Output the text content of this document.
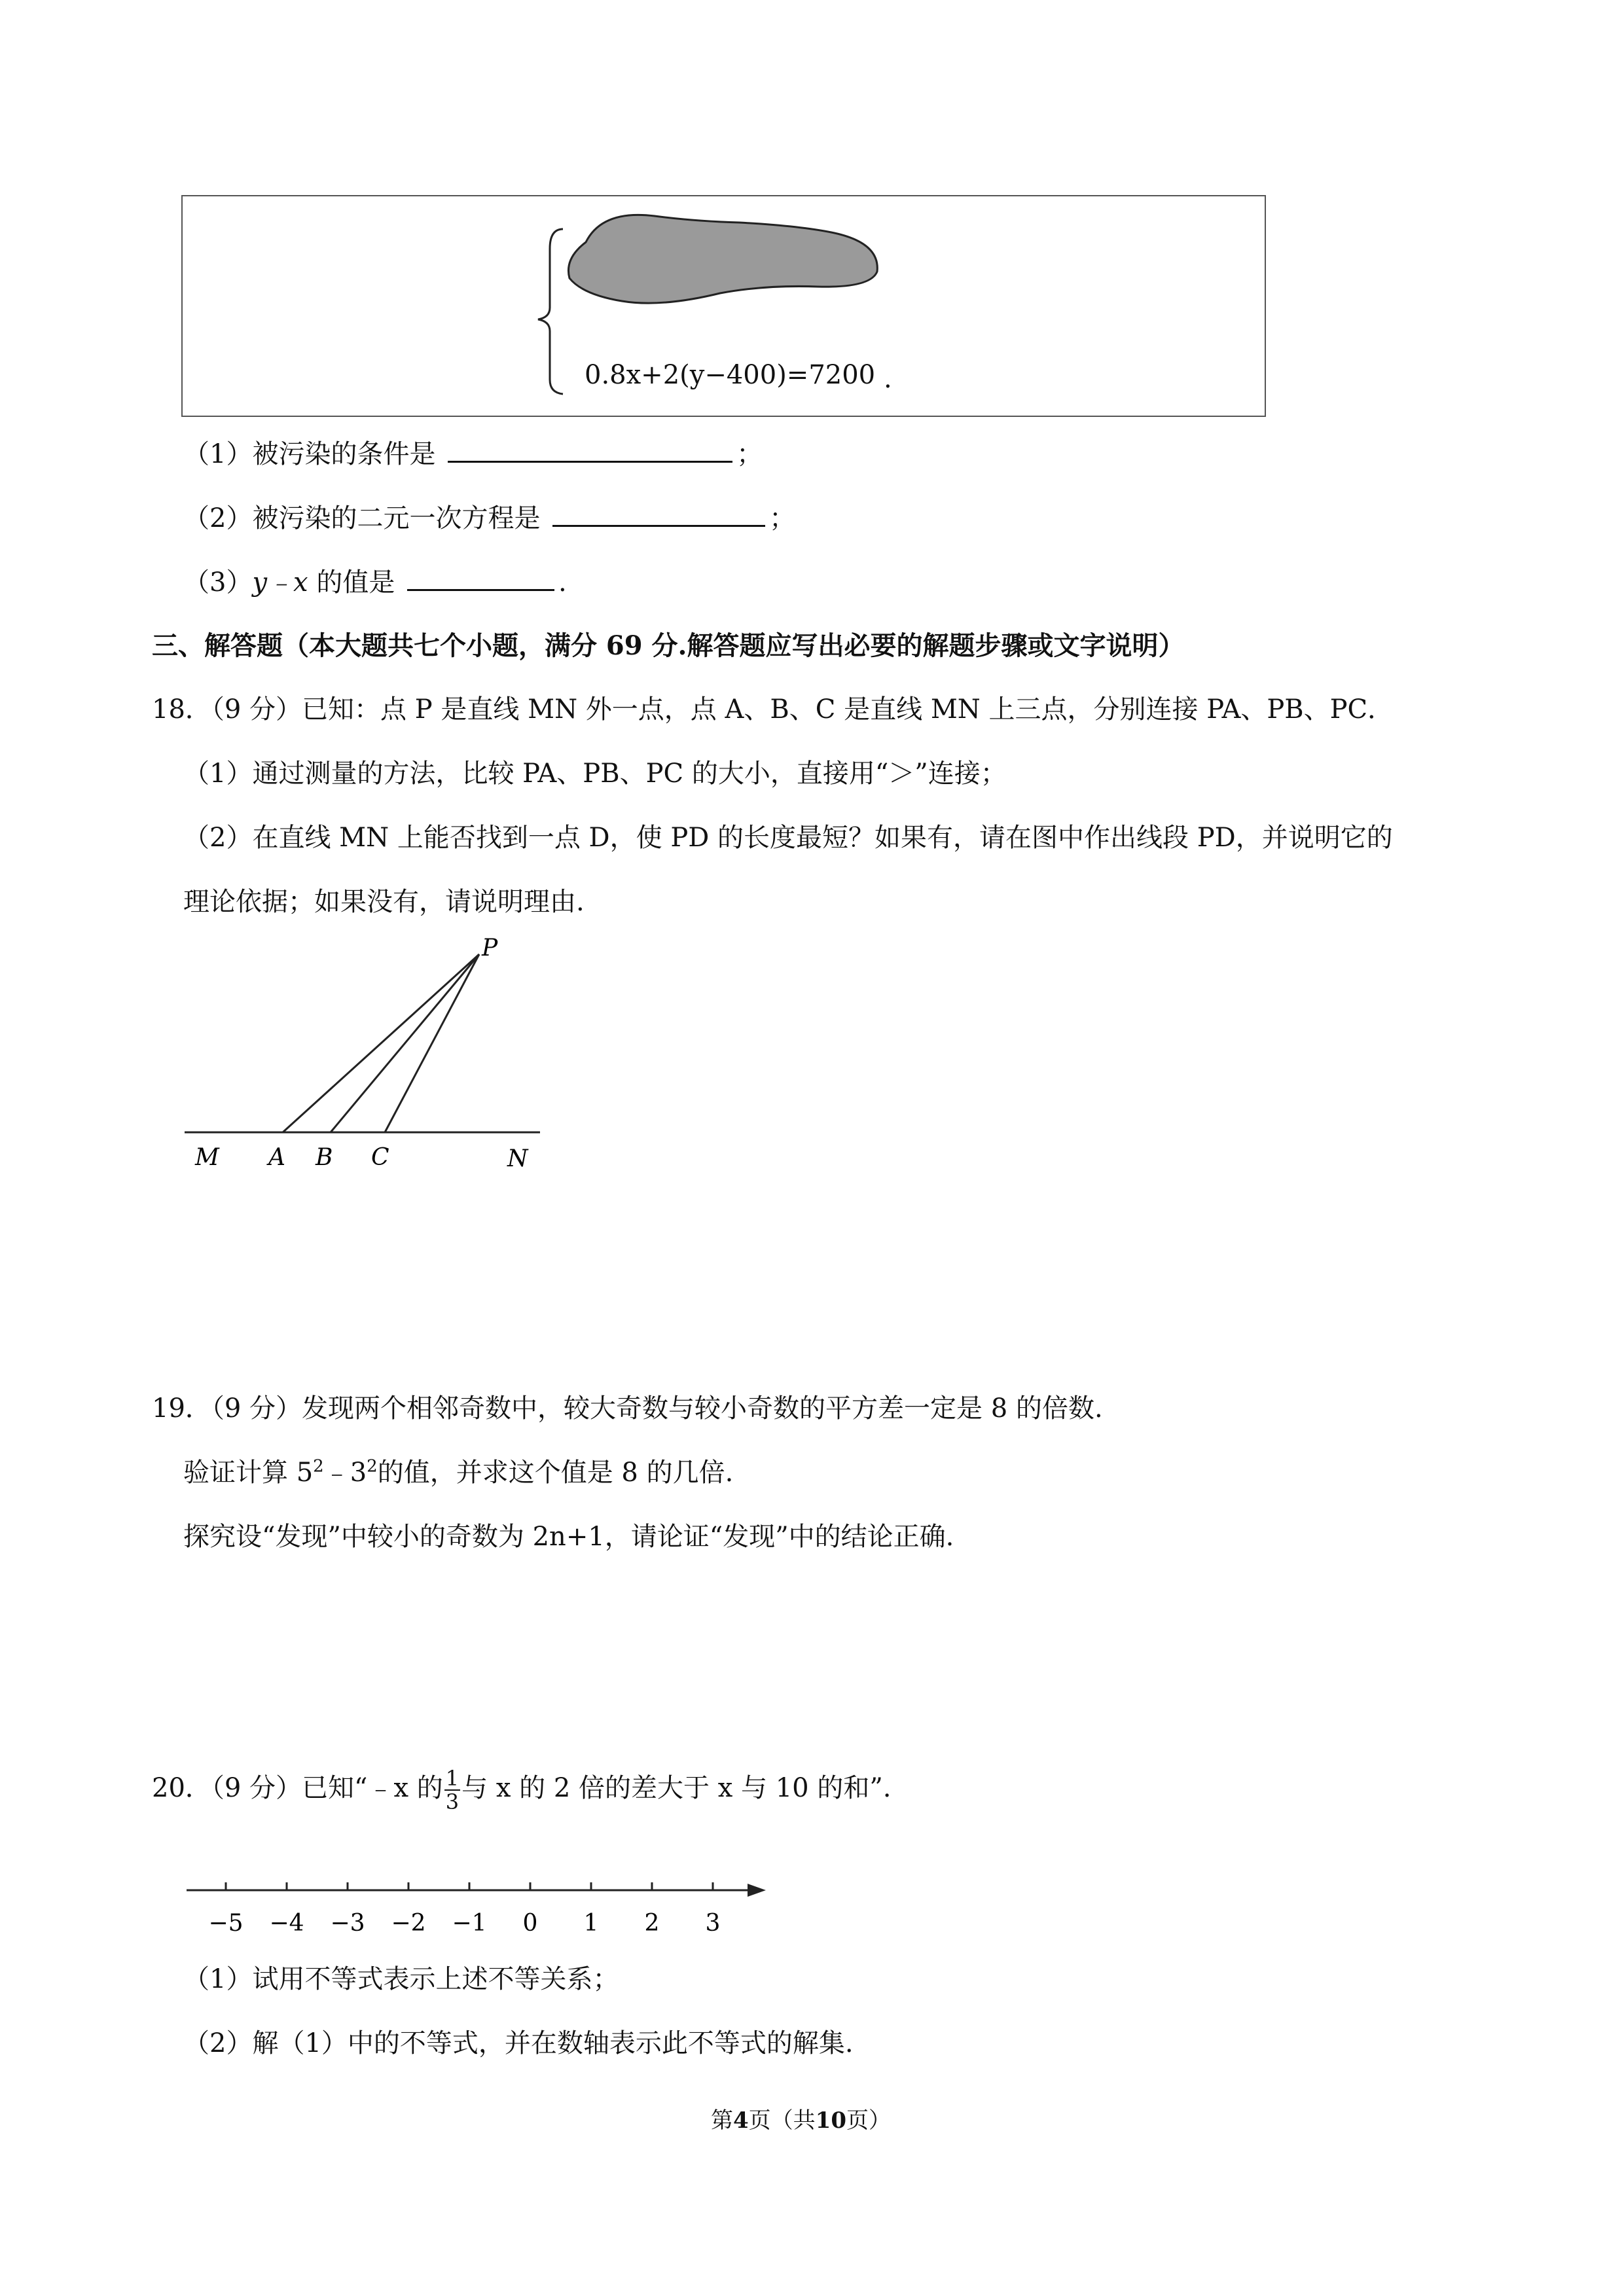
0.8x+2(y−400)=7200 .
（1）被污染的条件是	；
（2）被污染的二元一次方程是	；
（3）y﹣x 的值是	.
三、解答题（本大题共七个小题，满分 69 分.解答题应写出必要的解题步骤或文字说明）
18．（9 分）已知：点 P 是直线 MN 外一点，点 A、B、C 是直线 MN 上三点，分别连接 PA、PB、PC．
（1）通过测量的方法，比较 PA、PB、PC 的大小，直接用“＞”连接；
（2）在直线 MN 上能否找到一点 D，使 PD 的长度最短？如果有，请在图中作出线段 PD，并说明它的
理论依据；如果没有，请说明理由.
P
M A B C	N
19．（9 分）发现两个相邻奇数中，较大奇数与较小奇数的平方差一定是 8 的倍数.
验证计算 $5^2﹣3^2$的值，并求这个值是 8 的几倍.
探究设“发现”中较小的奇数为 2n+1，请论证“发现”中的结论正确.
20．（9 分）已知“﹣x 的 $\frac{1}{3}$ 与 x 的 2 倍的差大于 x 与 10 的和”.
−5 −4 −3 −2 −1 0 1 2 3
（1）试用不等式表示上述不等关系；
（2）解（1）中的不等式，并在数轴表示此不等式的解集.
第4页（共10页）
